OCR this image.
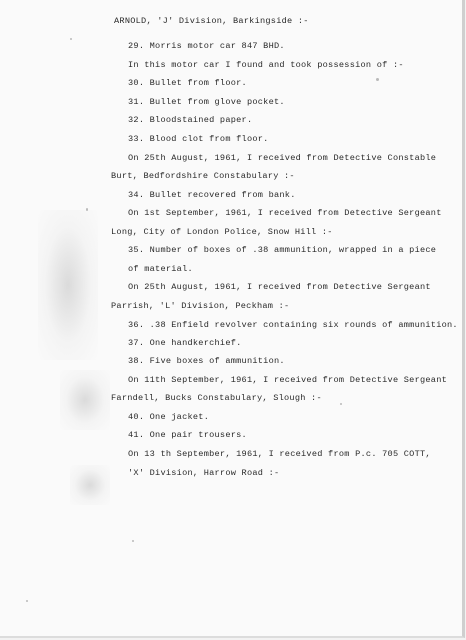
ARNOLD, 'J' Division, Barkingside :-
29. Morris motor car 847 BHD.
In this motor car I found and took possession of :-
30. Bullet from floor.
31. Bullet from glove pocket.
32. Bloodstained paper.
33. Blood clot from floor.
On 25th August, 1961, I received from Detective Constable
Burt, Bedfordshire Constabulary :-
34. Bullet recovered from bank.
On 1st September, 1961, I received from Detective Sergeant
Long, City of London Police, Snow Hill :-
35. Number of boxes of .38 ammunition, wrapped in a piece
of material.
On 25th August, 1961, I received from Detective Sergeant
Parrish, 'L' Division, Peckham :-
36. .38 Enfield revolver containing six rounds of ammunition.
37. One handkerchief.
38. Five boxes of ammunition.
On 11th September, 1961, I received from Detective Sergeant
Farndell, Bucks Constabulary, Slough :-
40. One jacket.
41. One pair trousers.
On 13 th September, 1961, I received from P.c. 705 COTT,
'X' Division, Harrow Road :-
